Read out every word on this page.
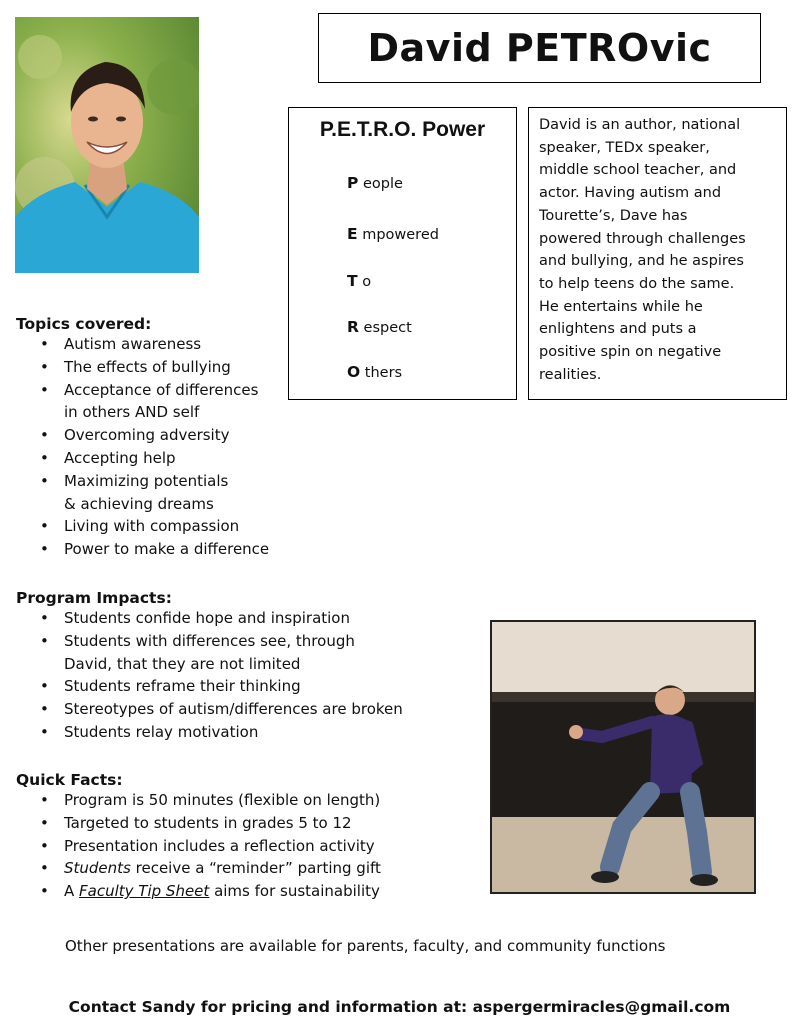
David PETROvic
P.E.T.R.O. Power
P eople
E mpowered
T o
R espect
O thers

David is an author, national

speaker, TEDx speaker,

middle school teacher, and

actor. Having autism and

Tourette’s, Dave has

powered through challenges

and bullying, and he aspires

to help teens do the same.

He entertains while he

enlightens and puts a

positive spin on negative

realities.

Topics covered:
• Autism awareness
• The effects of bullying
• Acceptance of differences
in others AND self
• Overcoming adversity
• Accepting help
• Maximizing potentials
& achieving dreams
• Living with compassion
• Power to make a difference
Program Impacts:
• Students confide hope and inspiration
• Students with differences see, through
David, that they are not limited
• Students reframe their thinking
• Stereotypes of autism/differences are broken
• Students relay motivation
Quick Facts:
• Program is 50 minutes (flexible on length)
• Targeted to students in grades 5 to 12
• Presentation includes a reflection activity
• Students receive a “reminder” parting gift
• A Faculty Tip Sheet aims for sustainability
Other presentations are available for parents, faculty, and community functions
Contact Sandy for pricing and information at: aspergermiracles@gmail.com
